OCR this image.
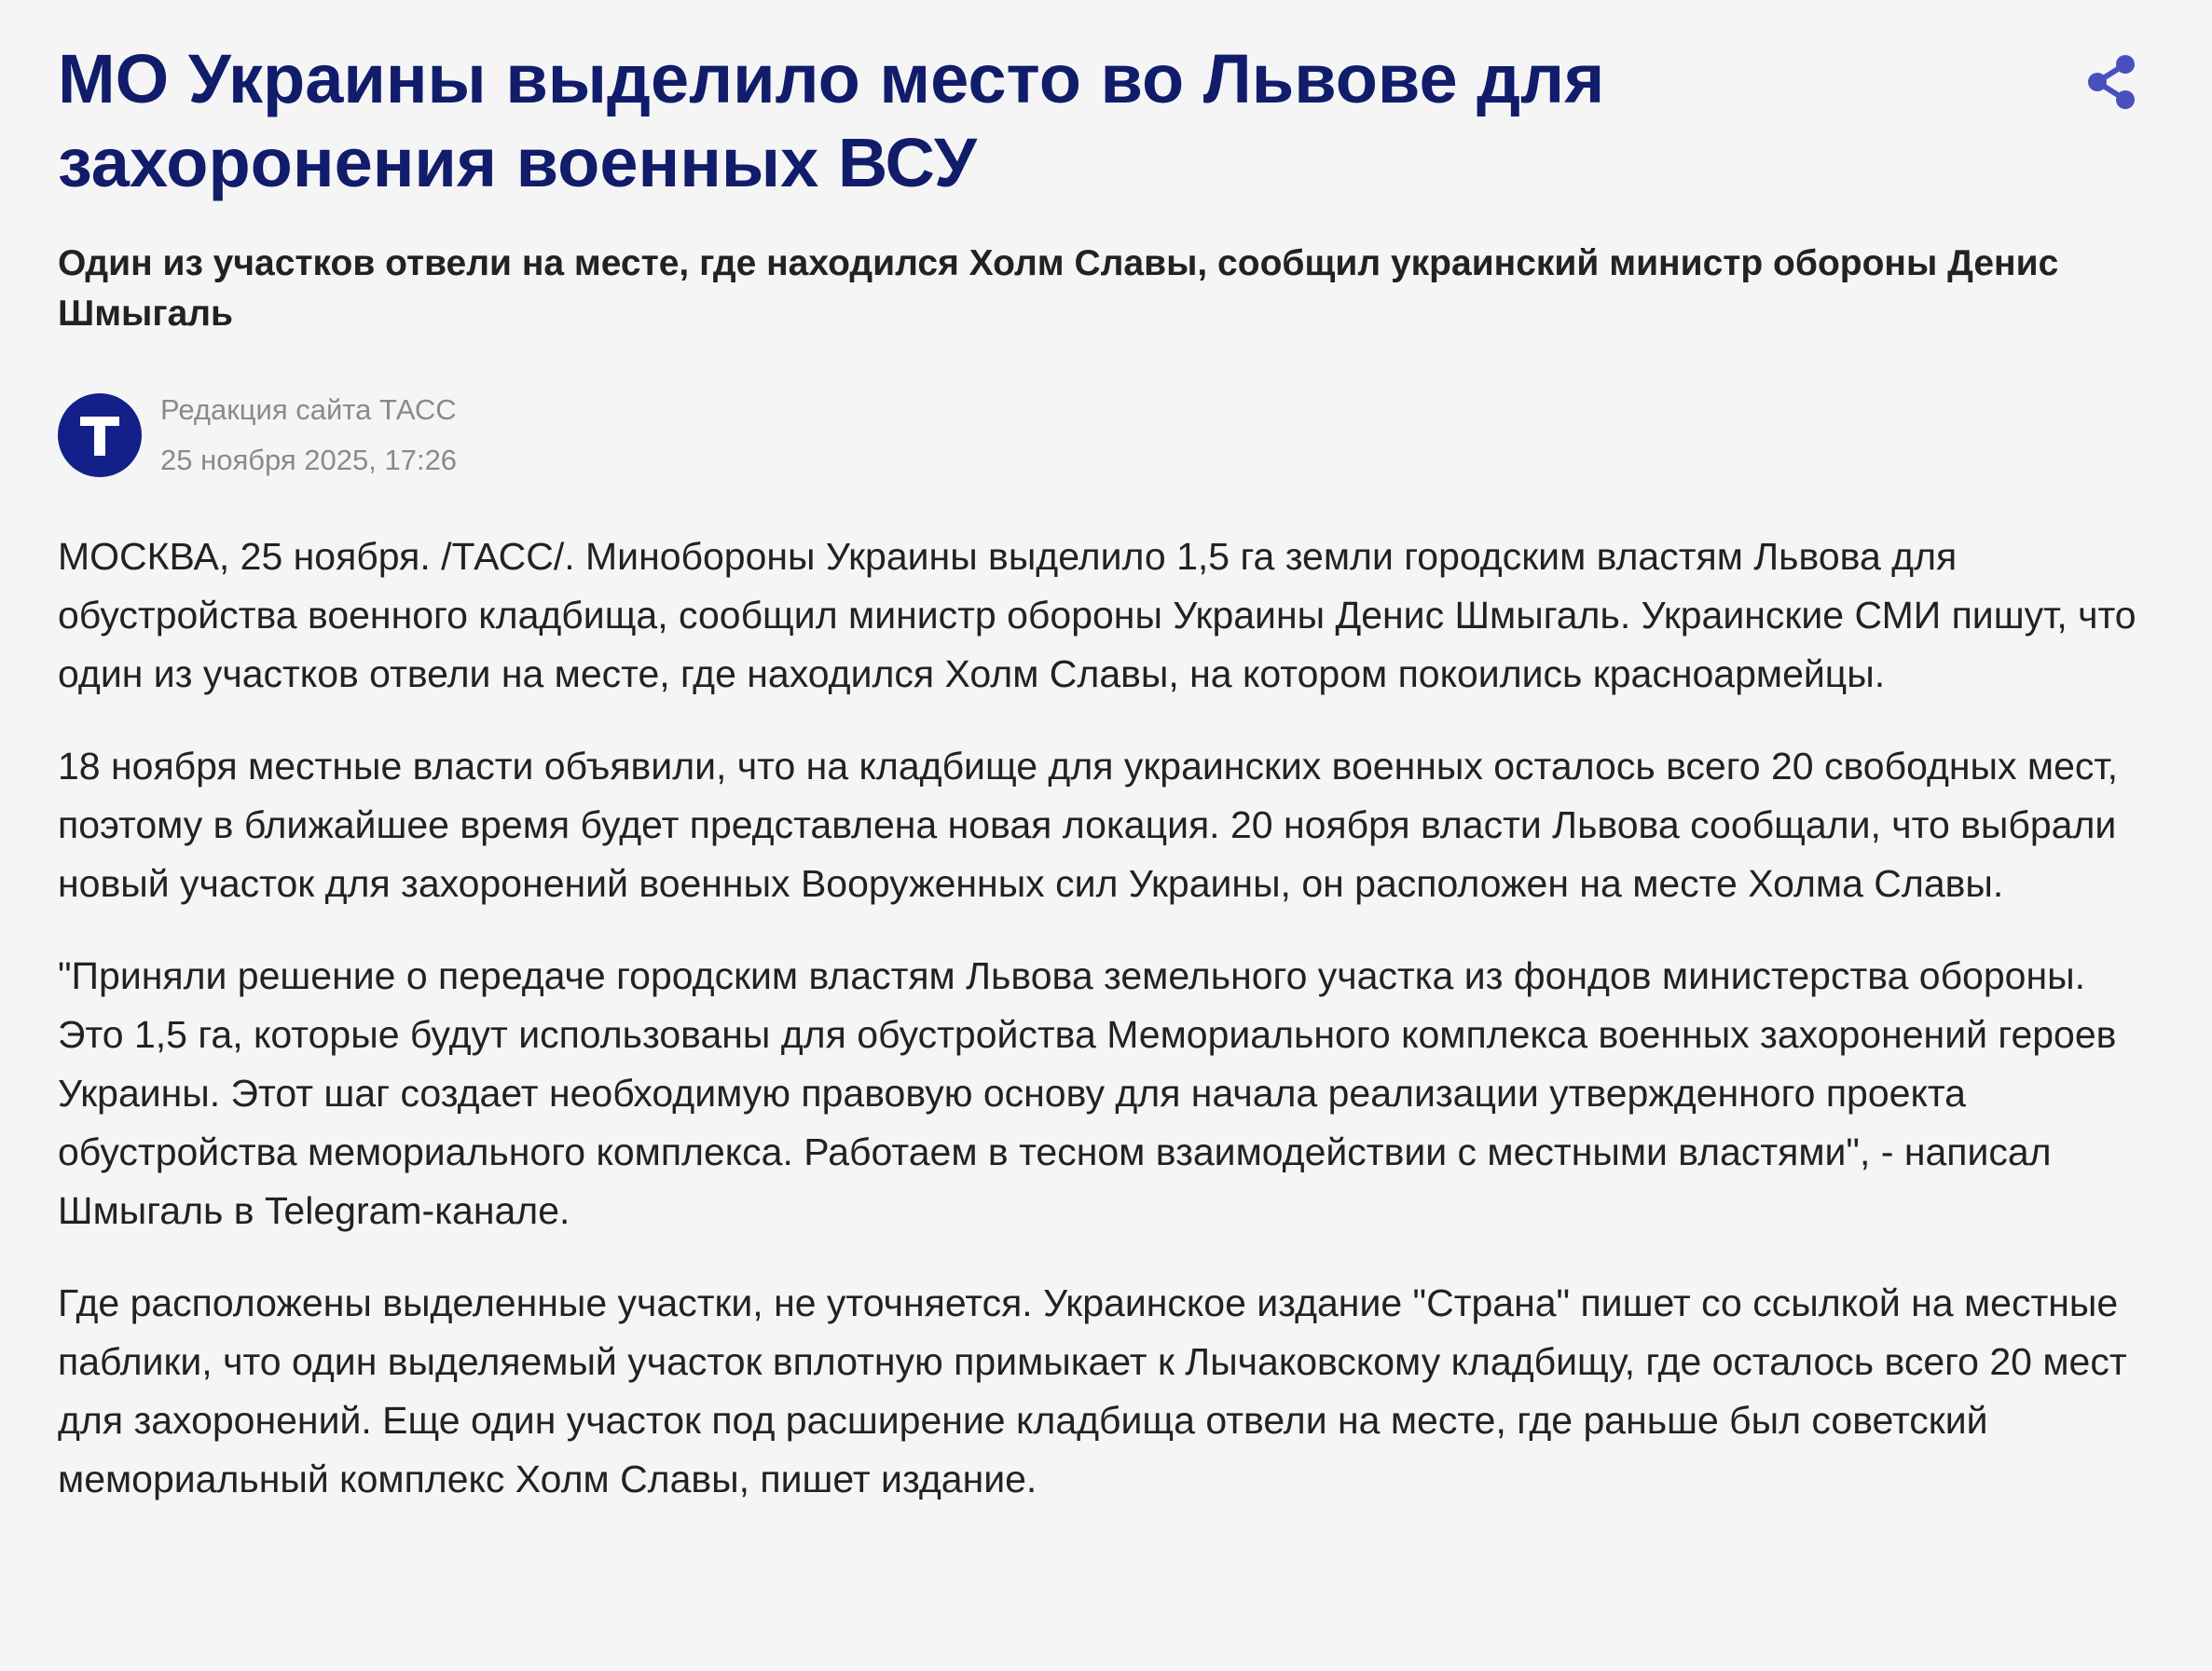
МО Украины выделило место во Львове для захоронения военных ВСУ

Один из участков отвели на месте, где находился Холм Славы, сообщил украинский министр обороны Денис Шмыгаль

Редакция сайта ТАСС
25 ноября 2025, 17:26

МОСКВА, 25 ноября. /ТАСС/. Минобороны Украины выделило 1,5 га земли городским властям Львова для обустройства военного кладбища, сообщил министр обороны Украины Денис Шмыгаль. Украинские СМИ пишут, что один из участков отвели на месте, где находился Холм Славы, на котором покоились красноармейцы.

18 ноября местные власти объявили, что на кладбище для украинских военных осталось всего 20 свободных мест, поэтому в ближайшее время будет представлена новая локация. 20 ноября власти Львова сообщали, что выбрали новый участок для захоронений военных Вооруженных сил Украины, он расположен на месте Холма Славы.

"Приняли решение о передаче городским властям Львова земельного участка из фондов министерства обороны. Это 1,5 га, которые будут использованы для обустройства Мемориального комплекса военных захоронений героев Украины. Этот шаг создает необходимую правовую основу для начала реализации утвержденного проекта обустройства мемориального комплекса. Работаем в тесном взаимодействии с местными властями", - написал Шмыгаль в Telegram-канале.

Где расположены выделенные участки, не уточняется. Украинское издание "Страна" пишет со ссылкой на местные паблики, что один выделяемый участок вплотную примыкает к Лычаковскому кладбищу, где осталось всего 20 мест для захоронений. Еще один участок под расширение кладбища отвели на месте, где раньше был советский мемориальный комплекс Холм Славы, пишет издание.
